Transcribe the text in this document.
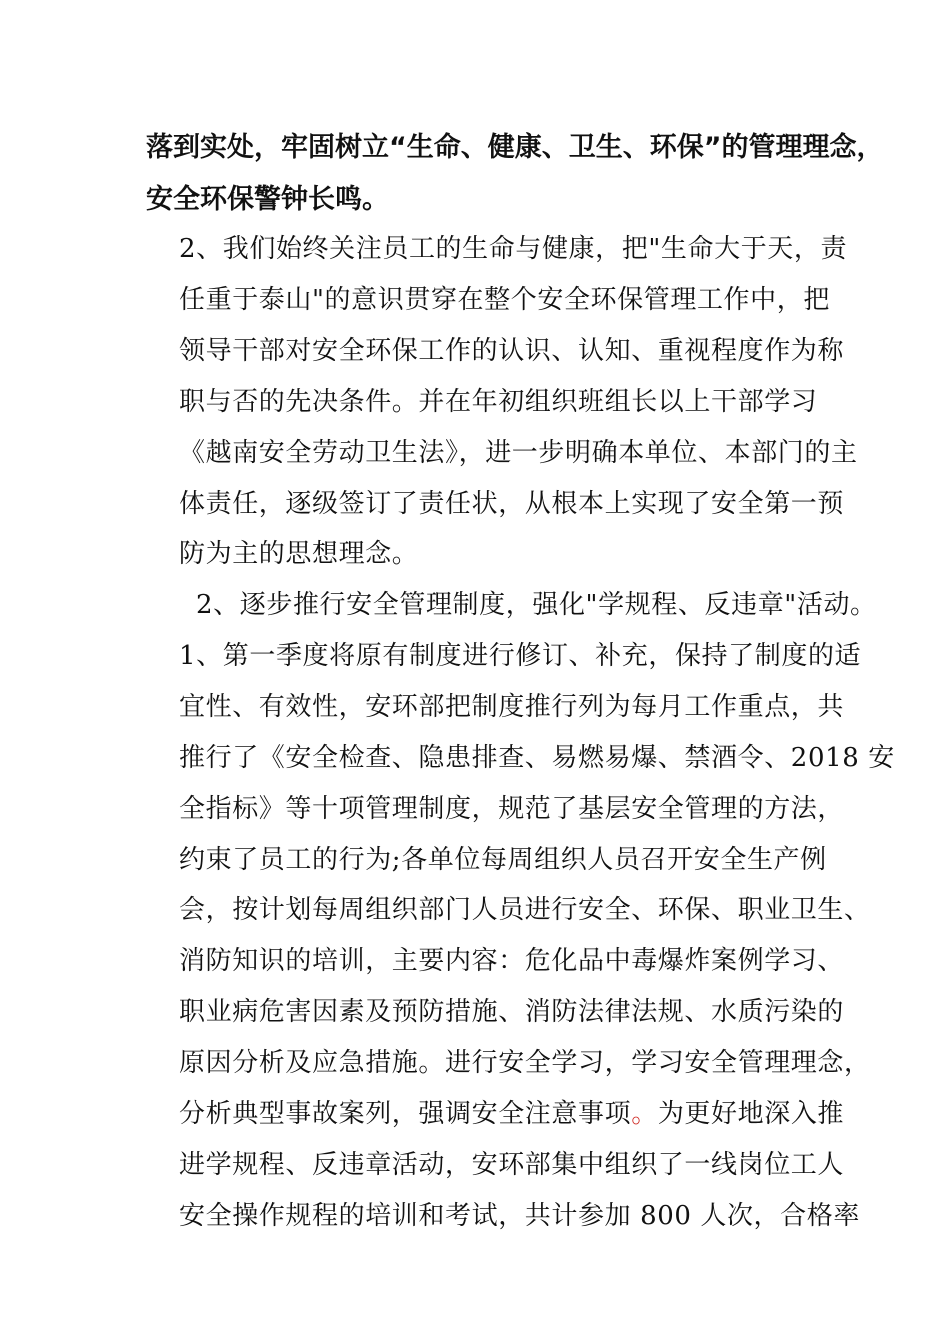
落到实处，牢固树立“生命、健康、卫生、环保”的管理理念，
安全环保警钟长鸣。
2、我们始终关注员工的生命与健康，把"生命大于天，责
任重于泰山"的意识贯穿在整个安全环保管理工作中，把
领导干部对安全环保工作的认识、认知、重视程度作为称
职与否的先决条件。并在年初组织班组长以上干部学习
《越南安全劳动卫生法》，进一步明确本单位、本部门的主
体责任，逐级签订了责任状，从根本上实现了安全第一预
防为主的思想理念。
2、逐步推行安全管理制度，强化"学规程、反违章"活动。
1、第一季度将原有制度进行修订、补充，保持了制度的适
宜性、有效性，安环部把制度推行列为每月工作重点，共
推行了《安全检查、隐患排查、易燃易爆、禁酒令、2018 安
全指标》等十项管理制度，规范了基层安全管理的方法，
约束了员工的行为;各单位每周组织人员召开安全生产例
会，按计划每周组织部门人员进行安全、环保、职业卫生、
消防知识的培训，主要内容：危化品中毒爆炸案例学习、
职业病危害因素及预防措施、消防法律法规、水质污染的
原因分析及应急措施。进行安全学习，学习安全管理理念，
分析典型事故案列，强调安全注意事项。为更好地深入推
进学规程、反违章活动，安环部集中组织了一线岗位工人
安全操作规程的培训和考试，共计参加 800 人次，合格率
